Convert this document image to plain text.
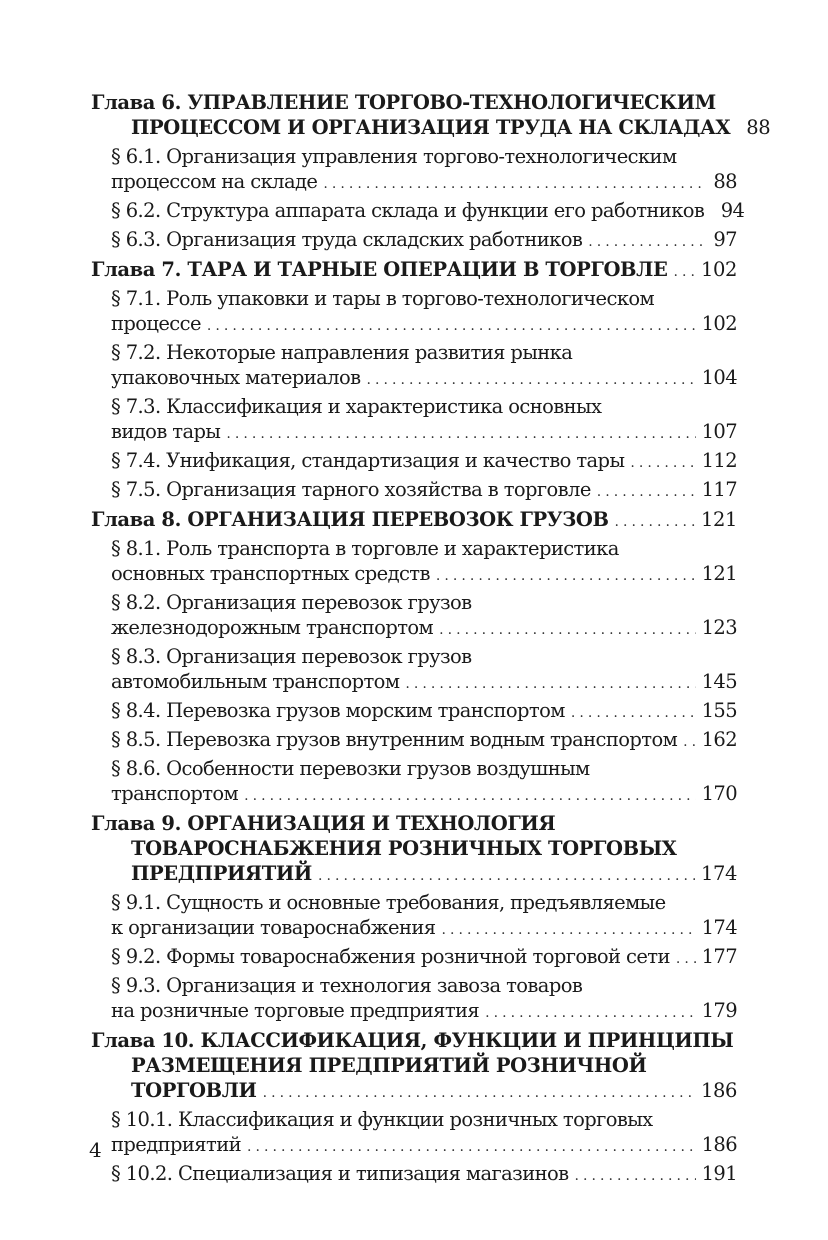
Глава 6. УПРАВЛЕНИЕ ТОРГОВО-ТЕХНОЛОГИЧЕСКИМ
ПРОЦЕССОМ И ОРГАНИЗАЦИЯ ТРУДА НА СКЛАДАХ 88
§ 6.1. Организация управления торгово-технологическим
процессом на складе . . .	88
§ 6.2. Структура аппарата склада и функции его работников 94
§ 6.3. Организация труда складских работников . . .	97
Глава 7. ТАРА И ТАРНЫЕ ОПЕРАЦИИ В ТОРГОВЛЕ . . . 102
§ 7.1. Роль упаковки и тары в торгово-технологическом
процессе . . .	102
§ 7.2. Некоторые направления развития рынка
упаковочных материалов . . .	104
§ 7.3. Классификация и характеристика основных
видов тары . . .	107
§ 7.4. Унификация, стандартизация и качество тары . . .	112
§ 7.5. Организация тарного хозяйства в торговле . . .	117
Глава 8. ОРГАНИЗАЦИЯ ПЕРЕВОЗОК ГРУЗОВ . . .	121
§ 8.1. Роль транспорта в торговле и характеристика
основных транспортных средств . . .	121
§ 8.2. Организация перевозок грузов
железнодорожным транспортом . . .	123
§ 8.3. Организация перевозок грузов
автомобильным транспортом . . .	145
§ 8.4. Перевозка грузов морским транспортом . . .	155
§ 8.5. Перевозка грузов внутренним водным транспортом . . . 162
§ 8.6. Особенности перевозки грузов воздушным
транспортом . . .	170
Глава 9. ОРГАНИЗАЦИЯ И ТЕХНОЛОГИЯ
ТОВАРОСНАБЖЕНИЯ РОЗНИЧНЫХ ТОРГОВЫХ
ПРЕДПРИЯТИЙ . . .	174
§ 9.1. Сущность и основные требования, предъявляемые
к организации товароснабжения . . .	174
§ 9.2. Формы товароснабжения розничной торговой сети . . . 177
§ 9.3. Организация и технология завоза товаров
на розничные торговые предприятия . . .	179
Глава 10. КЛАССИФИКАЦИЯ, ФУНКЦИИ И ПРИНЦИПЫ
РАЗМЕЩЕНИЯ ПРЕДПРИЯТИЙ РОЗНИЧНОЙ
ТОРГОВЛИ . . .	186
§ 10.1. Классификация и функции розничных торговых
предприятий . . .	186
§ 10.2. Специализация и типизация магазинов . . .	191
4
